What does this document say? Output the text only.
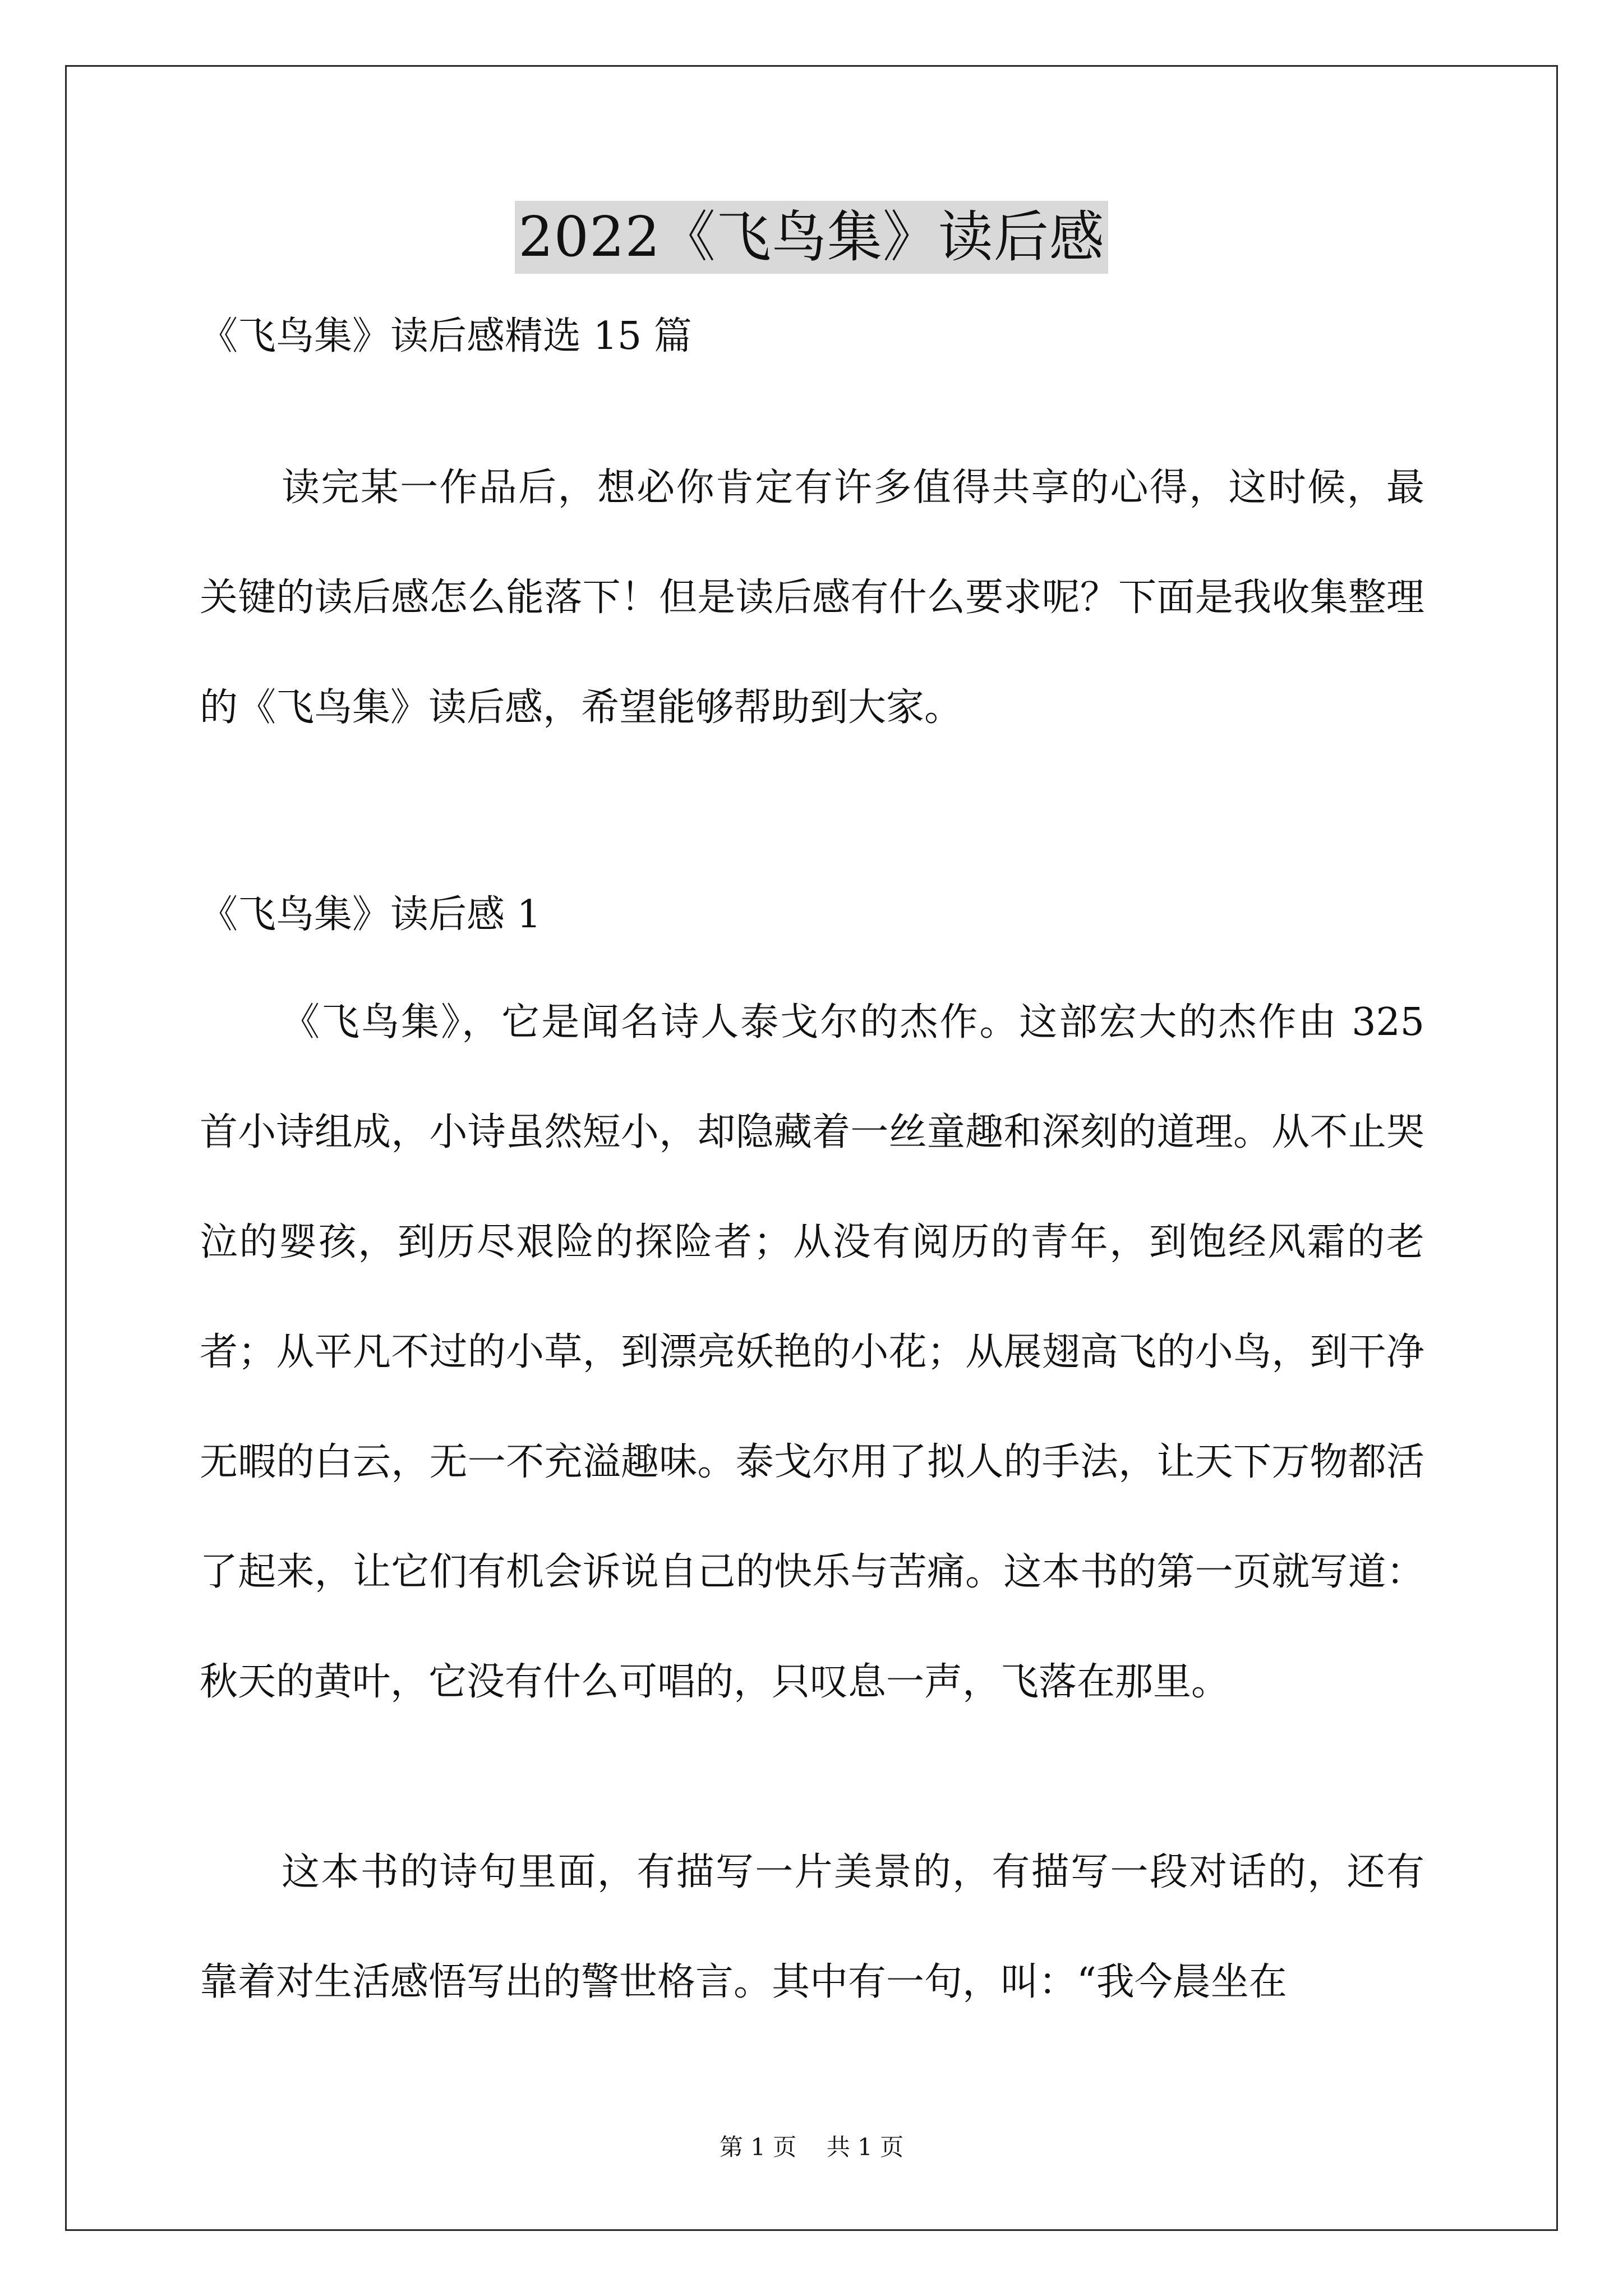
2022《飞鸟集》读后感
《飞鸟集》读后感精选 15 篇

读完某一作品后，想必你肯定有许多值得共享的心得，这时候，最关键的读后感怎么能落下！但是读后感有什么要求呢？下面是我收集整理的《飞鸟集》读后感，希望能够帮助到大家。

《飞鸟集》读后感 1

《飞鸟集》，它是闻名诗人泰戈尔的杰作。这部宏大的杰作由 325 首小诗组成，小诗虽然短小，却隐藏着一丝童趣和深刻的道理。从不止哭泣的婴孩，到历尽艰险的探险者；从没有阅历的青年，到饱经风霜的老者；从平凡不过的小草，到漂亮妖艳的小花；从展翅高飞的小鸟，到干净无暇的白云，无一不充溢趣味。泰戈尔用了拟人的手法，让天下万物都活了起来，让它们有机会诉说自己的快乐与苦痛。这本书的第一页就写道：秋天的黄叶，它没有什么可唱的，只叹息一声，飞落在那里。

这本书的诗句里面，有描写一片美景的，有描写一段对话的，还有靠着对生活感悟写出的警世格言。其中有一句，叫：“我今晨坐在

第 1 页    共 1 页
